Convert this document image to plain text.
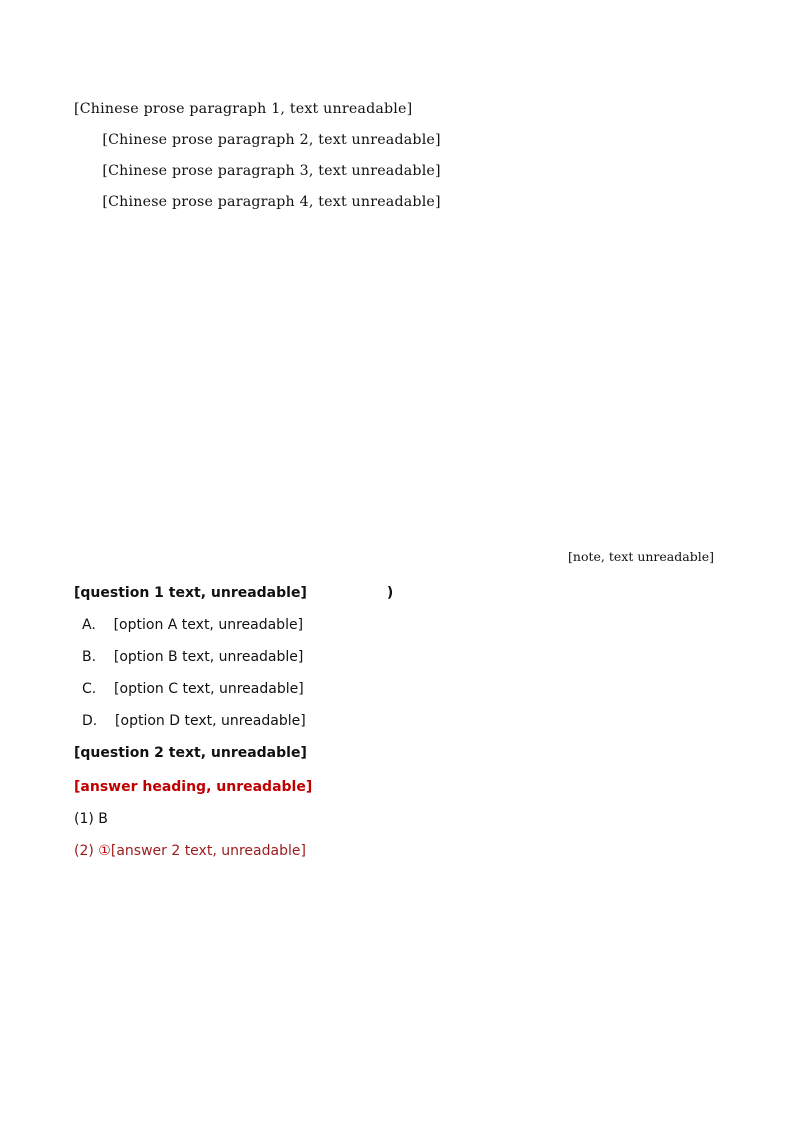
[Chinese prose paragraph 1, text unreadable]

[Chinese prose paragraph 2, text unreadable]

[Chinese prose paragraph 3, text unreadable]

[Chinese prose paragraph 4, text unreadable]

[note, text unreadable]

[question 1 text, unreadable]	)

A. [option A text, unreadable]

B. [option B text, unreadable]

C. [option C text, unreadable]

D. [option D text, unreadable]

[question 2 text, unreadable]

[answer heading, unreadable]

(1) B

(2) ①[answer 2 text, unreadable]
